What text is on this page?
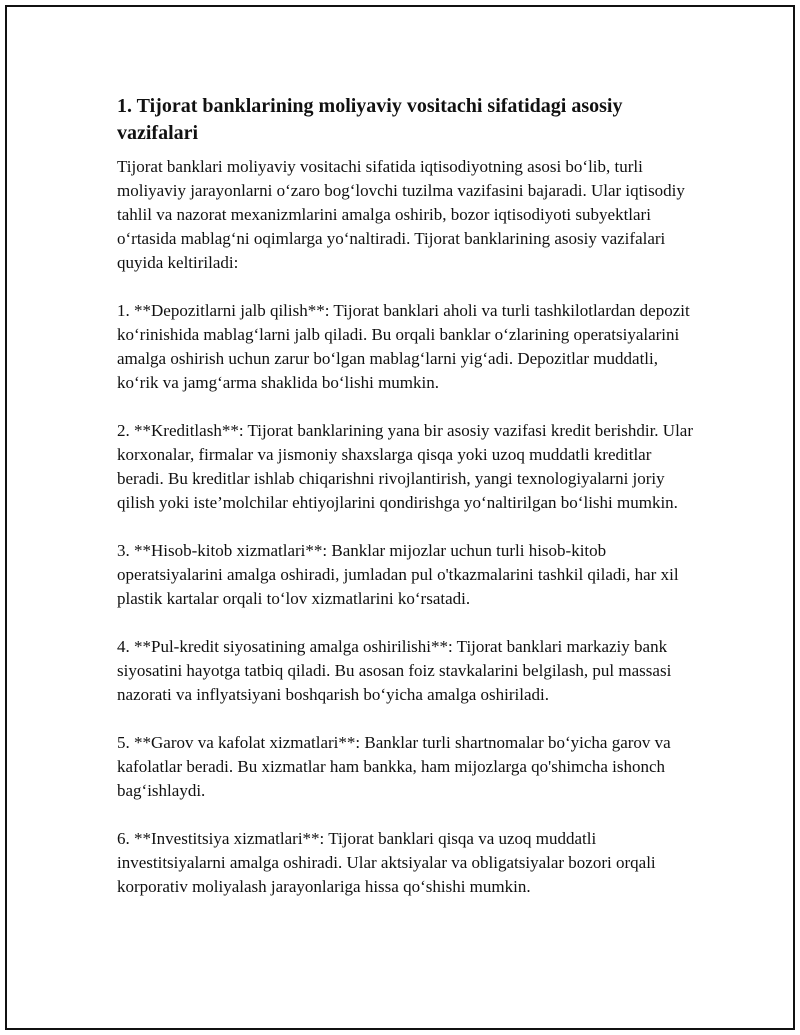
1. Tijorat banklarining moliyaviy vositachi sifatidagi asosiy vazifalari

Tijorat banklari moliyaviy vositachi sifatida iqtisodiyotning asosi bo‘lib, turli moliyaviy jarayonlarni o‘zaro bog‘lovchi tuzilma vazifasini bajaradi. Ular iqtisodiy tahlil va nazorat mexanizmlarini amalga oshirib, bozor iqtisodiyoti subyektlari o‘rtasida mablag‘ni oqimlarga yo‘naltiradi. Tijorat banklarining asosiy vazifalari quyida keltiriladi:

1. **Depozitlarni jalb qilish**: Tijorat banklari aholi va turli tashkilotlardan depozit ko‘rinishida mablag‘larni jalb qiladi. Bu orqali banklar o‘zlarining operatsiyalarini amalga oshirish uchun zarur bo‘lgan mablag‘larni yig‘adi. Depozitlar muddatli, ko‘rik va jamg‘arma shaklida bo‘lishi mumkin.

2. **Kreditlash**: Tijorat banklarining yana bir asosiy vazifasi kredit berishdir. Ular korxonalar, firmalar va jismoniy shaxslarga qisqa yoki uzoq muddatli kreditlar beradi. Bu kreditlar ishlab chiqarishni rivojlantirish, yangi texnologiyalarni joriy qilish yoki iste’molchilar ehtiyojlarini qondirishga yo‘naltirilgan bo‘lishi mumkin.

3. **Hisob-kitob xizmatlari**: Banklar mijozlar uchun turli hisob-kitob operatsiyalarini amalga oshiradi, jumladan pul o'tkazmalarini tashkil qiladi, har xil plastik kartalar orqali to‘lov xizmatlarini ko‘rsatadi.

4. **Pul-kredit siyosatining amalga oshirilishi**: Tijorat banklari markaziy bank siyosatini hayotga tatbiq qiladi. Bu asosan foiz stavkalarini belgilash, pul massasi nazorati va inflyatsiyani boshqarish bo‘yicha amalga oshiriladi.

5. **Garov va kafolat xizmatlari**: Banklar turli shartnomalar bo‘yicha garov va kafolatlar beradi. Bu xizmatlar ham bankka, ham mijozlarga qo'shimcha ishonch bag‘ishlaydi.

6. **Investitsiya xizmatlari**: Tijorat banklari qisqa va uzoq muddatli investitsiyalarni amalga oshiradi. Ular aktsiyalar va obligatsiyalar bozori orqali korporativ moliyalash jarayonlariga hissa qo‘shishi mumkin.
